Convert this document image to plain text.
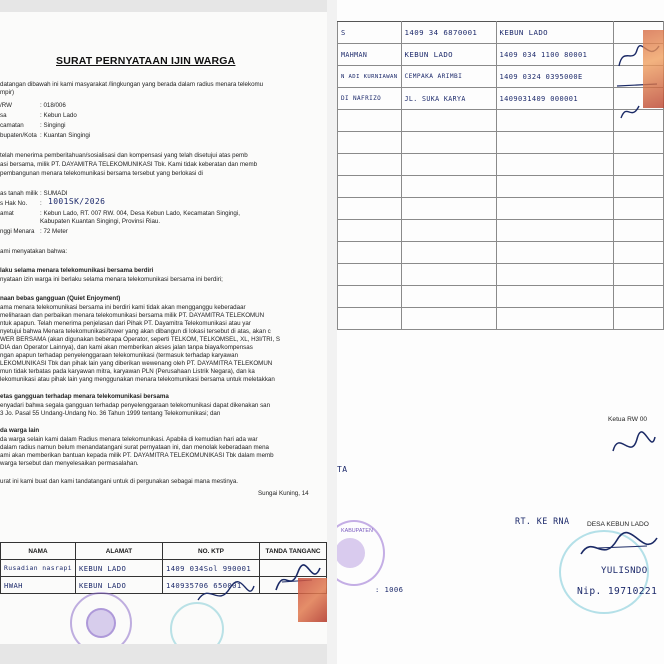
SURAT PERNYATAAN IJIN WARGA
datangan dibawah ini kami masyarakat /lingkungan yang berada dalam radius menara telekomu
mpir)
/RW	: 018/006
sa	: Kebun Lado
camatan	: Singingi
bupaten/Kota : Kuantan Singingi
telah menerima pemberitahuan/sosialisasi dan kompensasi yang telah disetujui atas pemb
asi bersama, milik PT. DAYAMITRA TELEKOMUNIKASI Tbk. Kami tidak keberatan dan memb
pembangunan menara telekomunikasi bersama tersebut yang berlokasi di
as tanah milik : SUMADI
s Hak No. : 1001SK/2026
amat	: Kebun Lado, RT. 007 RW. 004, Desa Kebun Lado, Kecamatan Singingi,
Kabupaten Kuantan Singingi, Provinsi Riau.
nggi Menara : 72 Meter
ami menyatakan bahwa:
laku selama menara telekomunikasi bersama berdiri
nyataan izin warga ini berlaku selama menara telekomunikasi bersama ini berdiri;
naan bebas gangguan (Quiet Enjoyment)
ama menara telekomunikasi bersama ini berdiri kami tidak akan mengganggu keberadaar
meliharaan dan perbaikan menara telekomunikasi bersama milik PT. DAYAMITRA TELEKOMUN
ntuk apapun. Telah menerima penjelasan dari Pihak PT. Dayamitra Telekomunikasi atau yar
nyetujui bahwa Menara telekomunikasi/tower yang akan dibangun di lokasi tersebut di atas, akan c
WER BERSAMA (akan digunakan beberapa Operator, seperti TELKOM, TELKOMSEL, XL, H3I/TRI, S
DIA dan Operator Lainnya), dan kami akan memberikan akses jalan tanpa biaya/kompensas
ngan apapun terhadap penyelenggaraan telekomunikasi (termasuk terhadap karyawan
LEKOMUNIKASI Tbk dan pihak lain yang diberikan wewenang oleh PT. DAYAMITRA TELEKOMUN
mun tidak terbatas pada karyawan mitra, karyawan PLN (Perusahaan Listrik Negara), dan ka
lekomunikasi atau pihak lain yang menggunakan menara telekomunikasi bersama untuk meletakkan
etas gangguan terhadap menara telekomunikasi bersama
enyadari bahwa segala gangguan terhadap penyelenggaraan telekomunikasi dapat dikenakan san
3 Jo. Pasal 55 Undang-Undang No. 36 Tahun 1999 tentang Telekomunikasi; dan
da warga lain
da warga selain kami dalam Radius menara telekomunikasi. Apabila di kemudian hari ada war
dalam radius namun belum menandatangani surat pernyataan ini, dan menolak keberadaan mena
ami akan memberikan bantuan kepada milik PT. DAYAMITRA TELEKOMUNIKASI Tbk dalam memb
warga tersebut dan menyelesaikan permasalahan.
urat ini kami buat dan kami tandatangani untuk di pergunakan sebagai mana mestinya.
Sungai Kuning, 14
NAMA	ALAMAT	NO. KTP	TANDA TANGANC
Rusadian nasrapi	KEBUN LADO	1409 034Sol 990001	
HWAH	KEBUN LADO	140935706 650001	
S	1409 34 6870001	KEBUN LADO	
MAHMAN	KEBUN LADO	1409 034 1100 80001	
N ADI KURNIAWAN	CEMPAKA ARIMBI	1409 0324 0395000E	
DI NAFRIZO	JL. SUKA KARYA	1409031409 000001	

Ketua RW 00
TA
KABUPATEN
: 1006
RT. KE RNA	DESA KEBUN LADO
YULISNDO
Nip. 19710221
